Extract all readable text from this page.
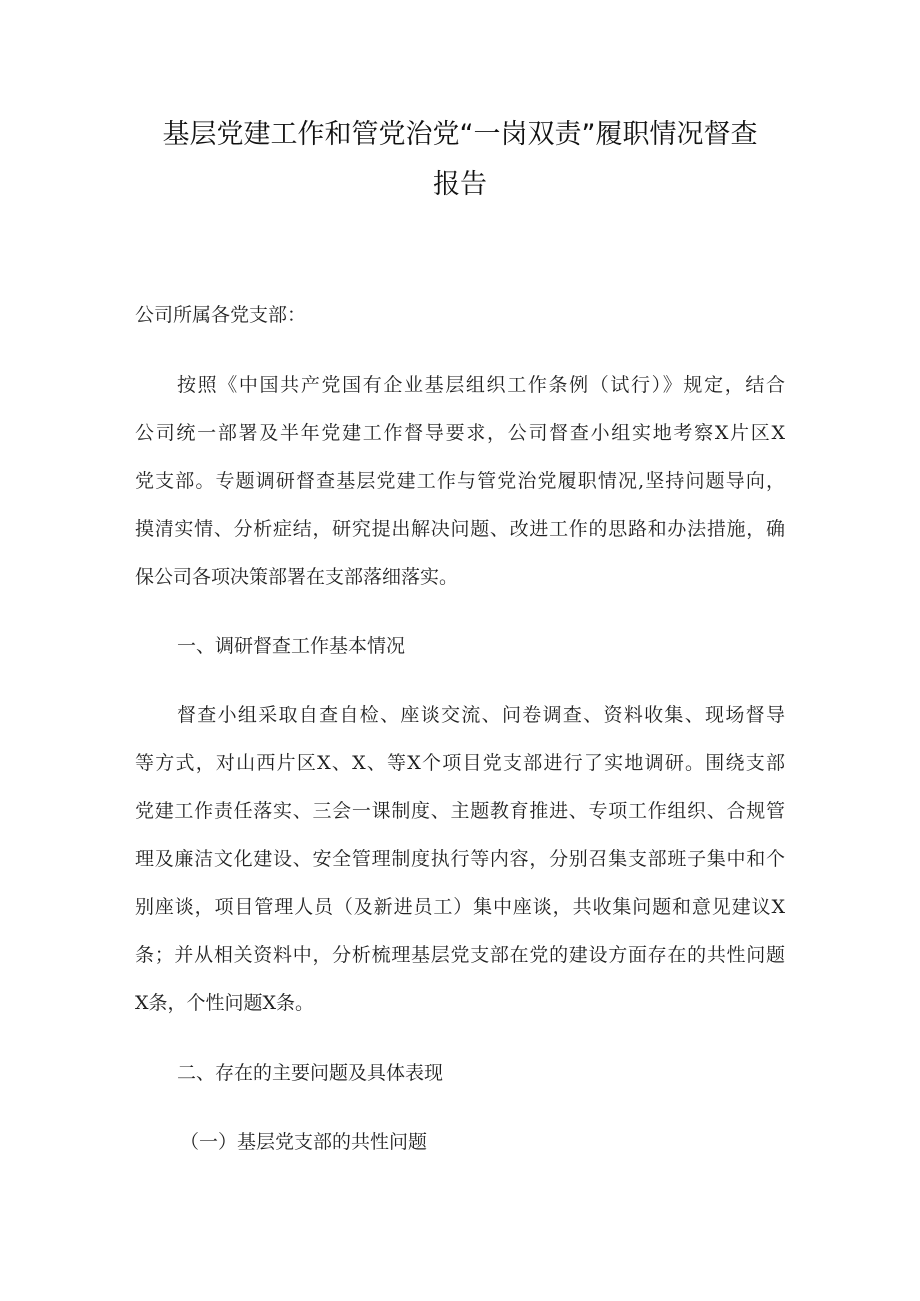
基层党建工作和管党治党“一岗双责”履职情况督查
报告
公司所属各党支部：
按照《中国共产党国有企业基层组织工作条例（试行）》规定，结合
公司统一部署及半年党建工作督导要求，公司督查小组实地考察X片区X
党支部。专题调研督查基层党建工作与管党治党履职情况,坚持问题导向，
摸清实情、分析症结，研究提出解决问题、改进工作的思路和办法措施，确
保公司各项决策部署在支部落细落实。
一、调研督查工作基本情况
督查小组采取自查自检、座谈交流、问卷调查、资料收集、现场督导
等方式，对山西片区X、X、等X个项目党支部进行了实地调研。围绕支部
党建工作责任落实、三会一课制度、主题教育推进、专项工作组织、合规管
理及廉洁文化建设、安全管理制度执行等内容，分别召集支部班子集中和个
别座谈，项目管理人员（及新进员工）集中座谈，共收集问题和意见建议X
条；并从相关资料中，分析梳理基层党支部在党的建设方面存在的共性问题
X条，个性问题X条。
二、存在的主要问题及具体表现
（一）基层党支部的共性问题
